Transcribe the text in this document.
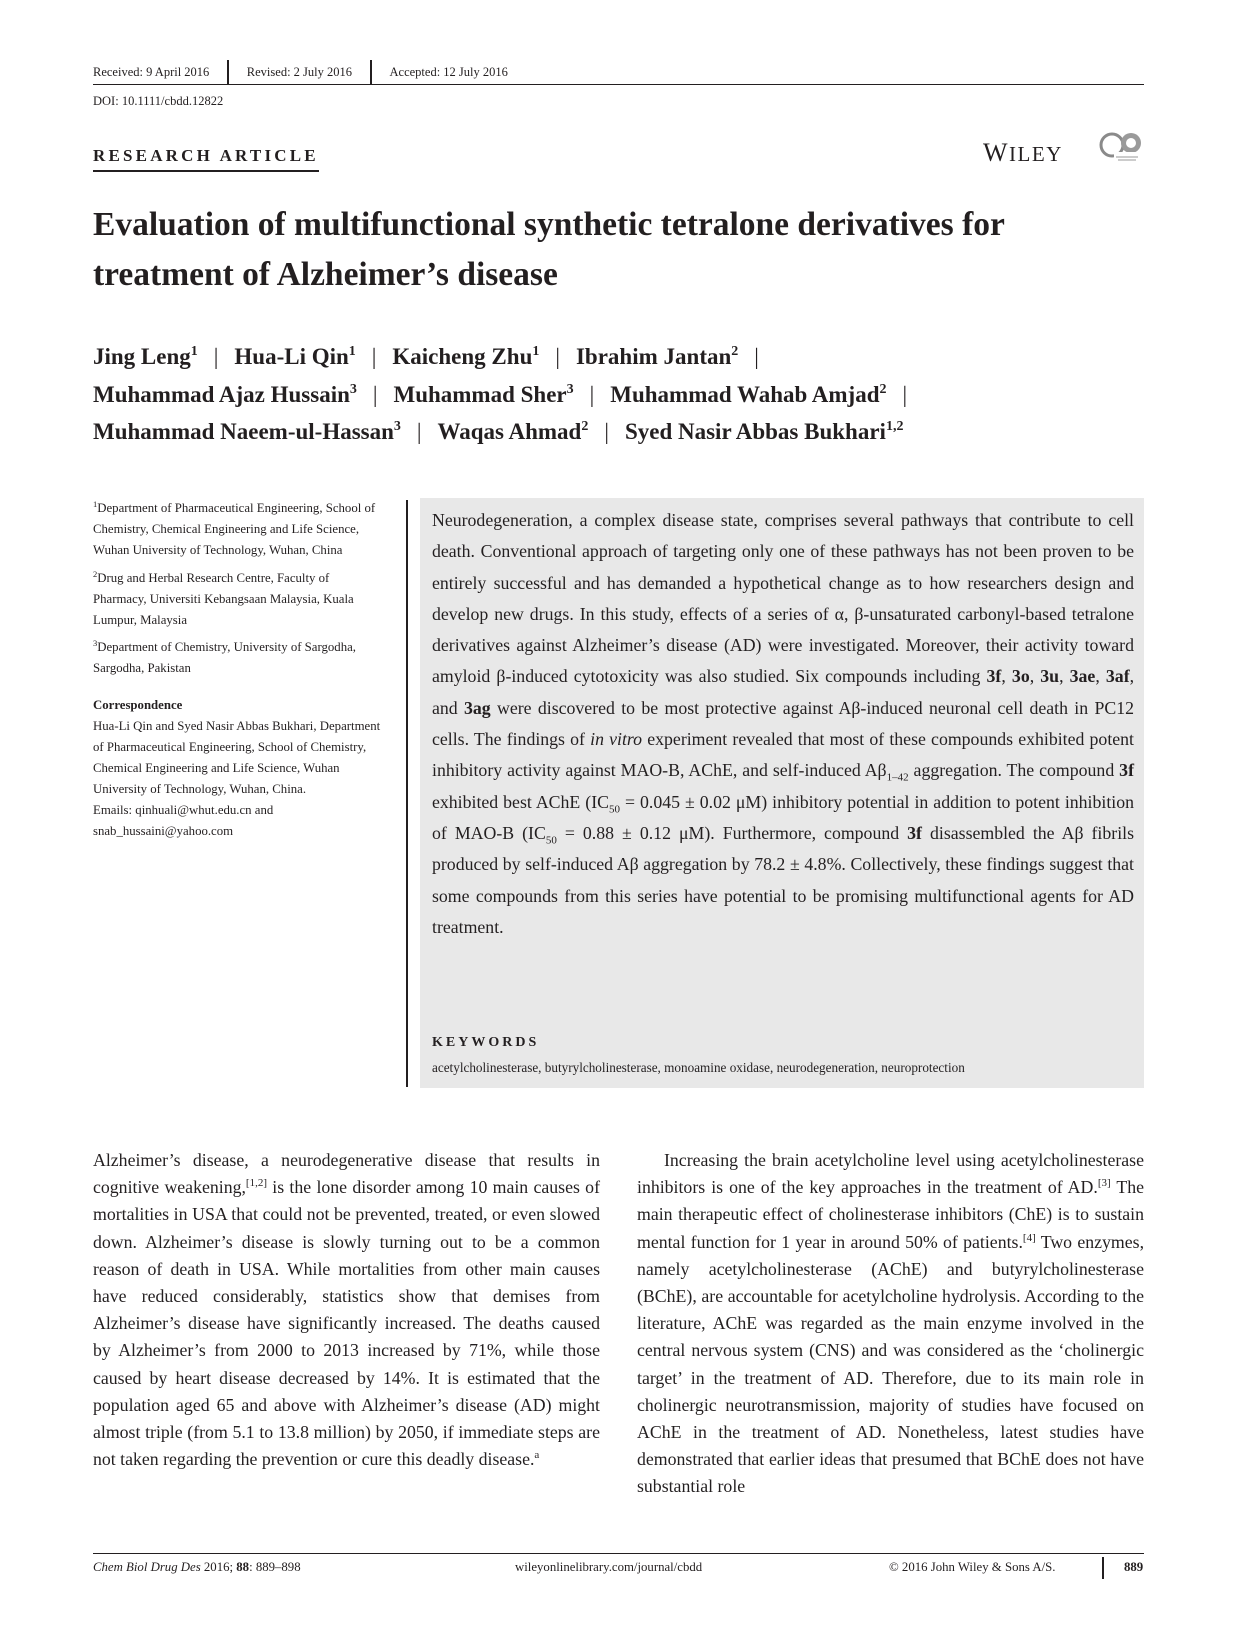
Received: 9 April 2016	Revised: 2 July 2016	Accepted: 12 July 2016
DOI: 10.1111/cbdd.12822
RESEARCH ARTICLE	WILEY
Evaluation of multifunctional synthetic tetralone derivatives for treatment of Alzheimer’s disease
Jing Leng$^1$ | Hua-Li Qin$^1$ | Kaicheng Zhu$^1$ | Ibrahim Jantan$^2$ |
Muhammad Ajaz Hussain$^3$ | Muhammad Sher$^3$ | Muhammad Wahab Amjad$^2$ |
Muhammad Naeem-ul-Hassan$^3$ | Waqas Ahmad$^2$ | Syed Nasir Abbas Bukhari$^{1,2}$

$^1$Department of Pharmaceutical Engineering, School of Chemistry, Chemical Engineering and Life Science, Wuhan University of Technology, Wuhan, China

$^2$Drug and Herbal Research Centre, Faculty of Pharmacy, Universiti Kebangsaan Malaysia, Kuala Lumpur, Malaysia

$^3$Department of Chemistry, University of Sargodha, Sargodha, Pakistan

Correspondence

Hua-Li Qin and Syed Nasir Abbas Bukhari, Department of Pharmaceutical Engineering, School of Chemistry, Chemical Engineering and Life Science, Wuhan University of Technology, Wuhan, China.

Emails: qinhuali@whut.edu.cn and snab_hussaini@yahoo.com

Neurodegeneration, a complex disease state, comprises several pathways that contribute to cell death. Conventional approach of targeting only one of these pathways has not been proven to be entirely successful and has demanded a hypothetical change as to how researchers design and develop new drugs. In this study, effects of a series of α, β-unsaturated carbonyl-based tetralone derivatives against Alzheimer’s disease (AD) were investigated. Moreover, their activity toward amyloid β-induced cytotoxicity was also studied. Six compounds including 3f, 3o, 3u, 3ae, 3af, and 3ag were discovered to be most protective against Aβ-induced neuronal cell death in PC12 cells. The findings of in vitro experiment revealed that most of these compounds exhibited potent inhibitory activity against MAO-B, AChE, and self-induced $A\beta_{1-42}$ aggregation. The compound 3f exhibited best AChE ($IC_{50} = 0.045 \pm 0.02$ μM) inhibitory potential in addition to potent inhibition of MAO-B ($IC_{50} = 0.88 \pm 0.12$ μM). Furthermore, compound 3f disassembled the Aβ fibrils produced by self-induced Aβ aggregation by 78.2 ± 4.8%. Collectively, these findings suggest that some compounds from this series have potential to be promising multifunctional agents for AD treatment.
KEYWORDS
acetylcholinesterase, butyrylcholinesterase, monoamine oxidase, neurodegeneration, neuroprotection

Alzheimer’s disease, a neurodegenerative disease that results in cognitive weakening,[1,2] is the lone disorder among 10 main causes of mortalities in USA that could not be prevented, treated, or even slowed down. Alzheimer’s disease is slowly turning out to be a common reason of death in USA. While mortalities from other main causes have reduced considerably, statistics show that demises from Alzheimer’s disease have significantly increased. The deaths caused by Alzheimer’s from 2000 to 2013 increased by 71%, while those caused by heart disease decreased by 14%. It is estimated that the population aged 65 and above with Alzheimer’s disease (AD) might almost triple (from 5.1 to 13.8 million) by 2050, if immediate steps are not taken regarding the prevention or cure this deadly disease.$^a$

Increasing the brain acetylcholine level using acetylcholinesterase inhibitors is one of the key approaches in the treatment of AD.[3] The main therapeutic effect of cholinesterase inhibitors (ChE) is to sustain mental function for 1 year in around 50% of patients.[4] Two enzymes, namely acetylcholinesterase (AChE) and butyrylcholinesterase (BChE), are accountable for acetylcholine hydrolysis. According to the literature, AChE was regarded as the main enzyme involved in the central nervous system (CNS) and was considered as the ‘cholinergic target’ in the treatment of AD. Therefore, due to its main role in cholinergic neurotransmission, majority of studies have focused on AChE in the treatment of AD. Nonetheless, latest studies have demonstrated that earlier ideas that presumed that BChE does not have substantial role

Chem Biol Drug Des 2016; 88: 889–898	wileyonlinelibrary.com/journal/cbdd	© 2016 John Wiley & Sons A/S.	889
